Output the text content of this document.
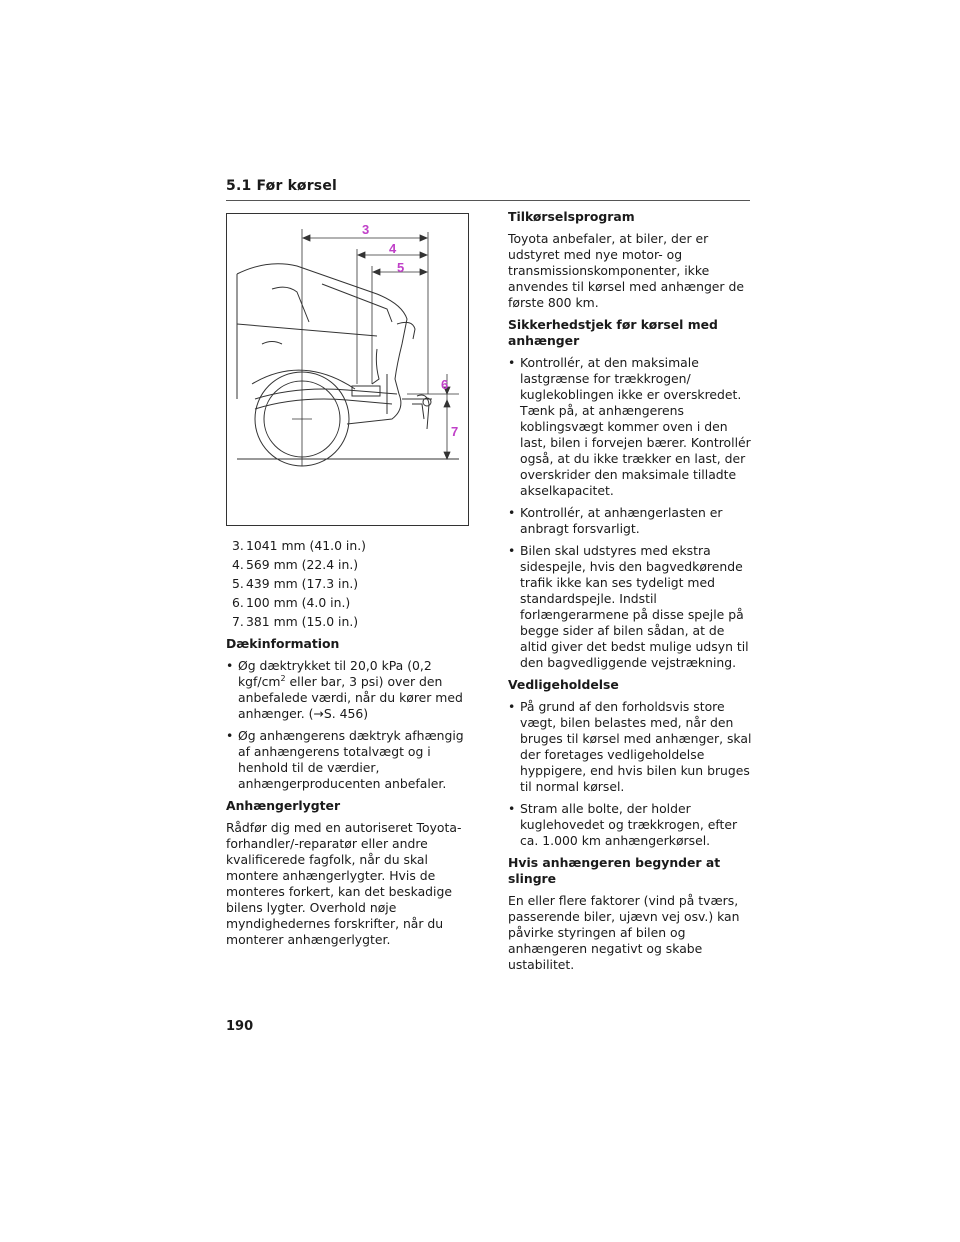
5.1 Før kørsel
3
4
5
6
7
3. 1041 mm (41.0 in.)
4. 569 mm (22.4 in.)
5. 439 mm (17.3 in.)
6. 100 mm (4.0 in.)
7. 381 mm (15.0 in.)
Dækinformation
• Øg dæktrykket til 20,0 kPa (0,2 kgf/$cm^2$ eller bar, 3 psi) over den anbefalede værdi, når du kører med anhænger. (→S. 456)
• Øg anhængerens dæktryk afhængig af anhængerens totalvægt og i henhold til de værdier, anhængerproducenten anbefaler.
Anhængerlygter

Rådfør dig med en autoriseret Toyota-forhandler/-reparatør eller andre kvalificerede fagfolk, når du skal montere anhængerlygter. Hvis de monteres forkert, kan det beskadige bilens lygter. Overhold nøje myndighedernes forskrifter, når du monterer anhængerlygter.

Tilkørselsprogram

Toyota anbefaler, at biler, der er udstyret med nye motor- og transmissionskomponenter, ikke anvendes til kørsel med anhænger de første 800 km.

Sikkerhedstjek før kørsel med anhænger
• Kontrollér, at den maksimale lastgrænse for trækkrogen/ kuglekoblingen ikke er overskredet. Tænk på, at anhængerens koblingsvægt kommer oven i den last, bilen i forvejen bærer. Kontrollér også, at du ikke trækker en last, der overskrider den maksimale tilladte akselkapacitet.
• Kontrollér, at anhængerlasten er anbragt forsvarligt.
• Bilen skal udstyres med ekstra sidespejle, hvis den bagvedkørende trafik ikke kan ses tydeligt med standardspejle. Indstil forlængerarmene på disse spejle på begge sider af bilen sådan, at de altid giver det bedst mulige udsyn til den bagvedliggende vejstrækning.
Vedligeholdelse
• På grund af den forholdsvis store vægt, bilen belastes med, når den bruges til kørsel med anhænger, skal der foretages vedligeholdelse hyppigere, end hvis bilen kun bruges til normal kørsel.
• Stram alle bolte, der holder kuglehovedet og trækkrogen, efter ca. 1.000 km anhængerkørsel.
Hvis anhængeren begynder at slingre

En eller flere faktorer (vind på tværs, passerende biler, ujævn vej osv.) kan påvirke styringen af bilen og anhængeren negativt og skabe ustabilitet.

190
